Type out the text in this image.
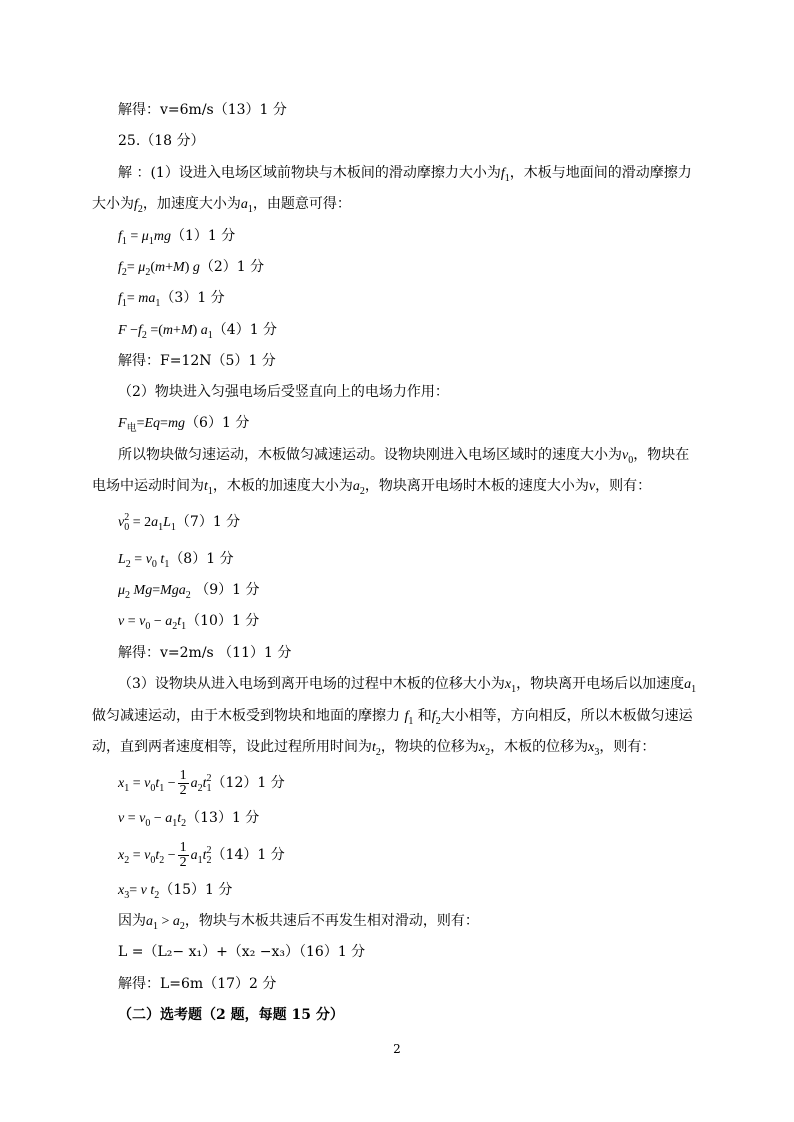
解得：v=6m/s（13）1 分
25.（18 分）
解 ：(1）设进入电场区域前物块与木板间的滑动摩擦力大小为$f_1$，木板与地面间的滑动摩擦力
大小为$f_2$，加速度大小为$a_1$，由题意可得：
$f_1 = \mu_1mg(1)1$ 分
$f_2= \mu_2(m+M)$ g（2）1 分
$f_1= ma_1(3)1$ 分
$F -f_2 =(m+M)$ $a_1(4)1$ 分
解得：F=12N（5）1 分
（2）物块进入匀强电场后受竖直向上的电场力作用：
$F_电=Eq=mg(6)1$ 分
所以物块做匀速运动，木板做匀减速运动。设物块刚进入电场区域时的速度大小为$v_0$，物块在
电场中运动时间为$t_1$，木板的加速度大小为$a_2$，物块离开电场时木板的速度大小为v，则有：
$v_0^2 = 2a_1L_1(7)1$ 分
$L_2 = v_0$ $t_1(8)1$ 分
$\mu_2$ Mg=Mga$_2$ （9）1 分
$v = v_0 - a_2t_1(10)1$ 分
解得：v=2m/s （11）1 分
（3）设物块从进入电场到离开电场的过程中木板的位移大小为$x_1$，物块离开电场后以加速度$a_1$
做匀减速运动，由于木板受到物块和地面的摩擦力 $f_1$ 和$f_2$大小相等，方向相反，所以木板做匀速运
动，直到两者速度相等，设此过程所用时间为$t_2$，物块的位移为$x_2$，木板的位移为$x_3$，则有：
$x_1 = v_0t_1 - \frac{1}{2} a_2t_1^2(12)1$ 分
$v = v_0 - a_1t_2(13)1$ 分
$x_2 = v_0t_2 - \frac{1}{2} a_1t_2^2(14)1$ 分
$x_3= v$ $t_2(15)1$ 分
因为$a_1 > a_2$，物块与木板共速后不再发生相对滑动，则有：
L =（L₂− x₁）+（x₂ −x₃）（16）1 分
解得：L=6m（17）2 分
（二）选考题（2 题，每题 15 分）
2
